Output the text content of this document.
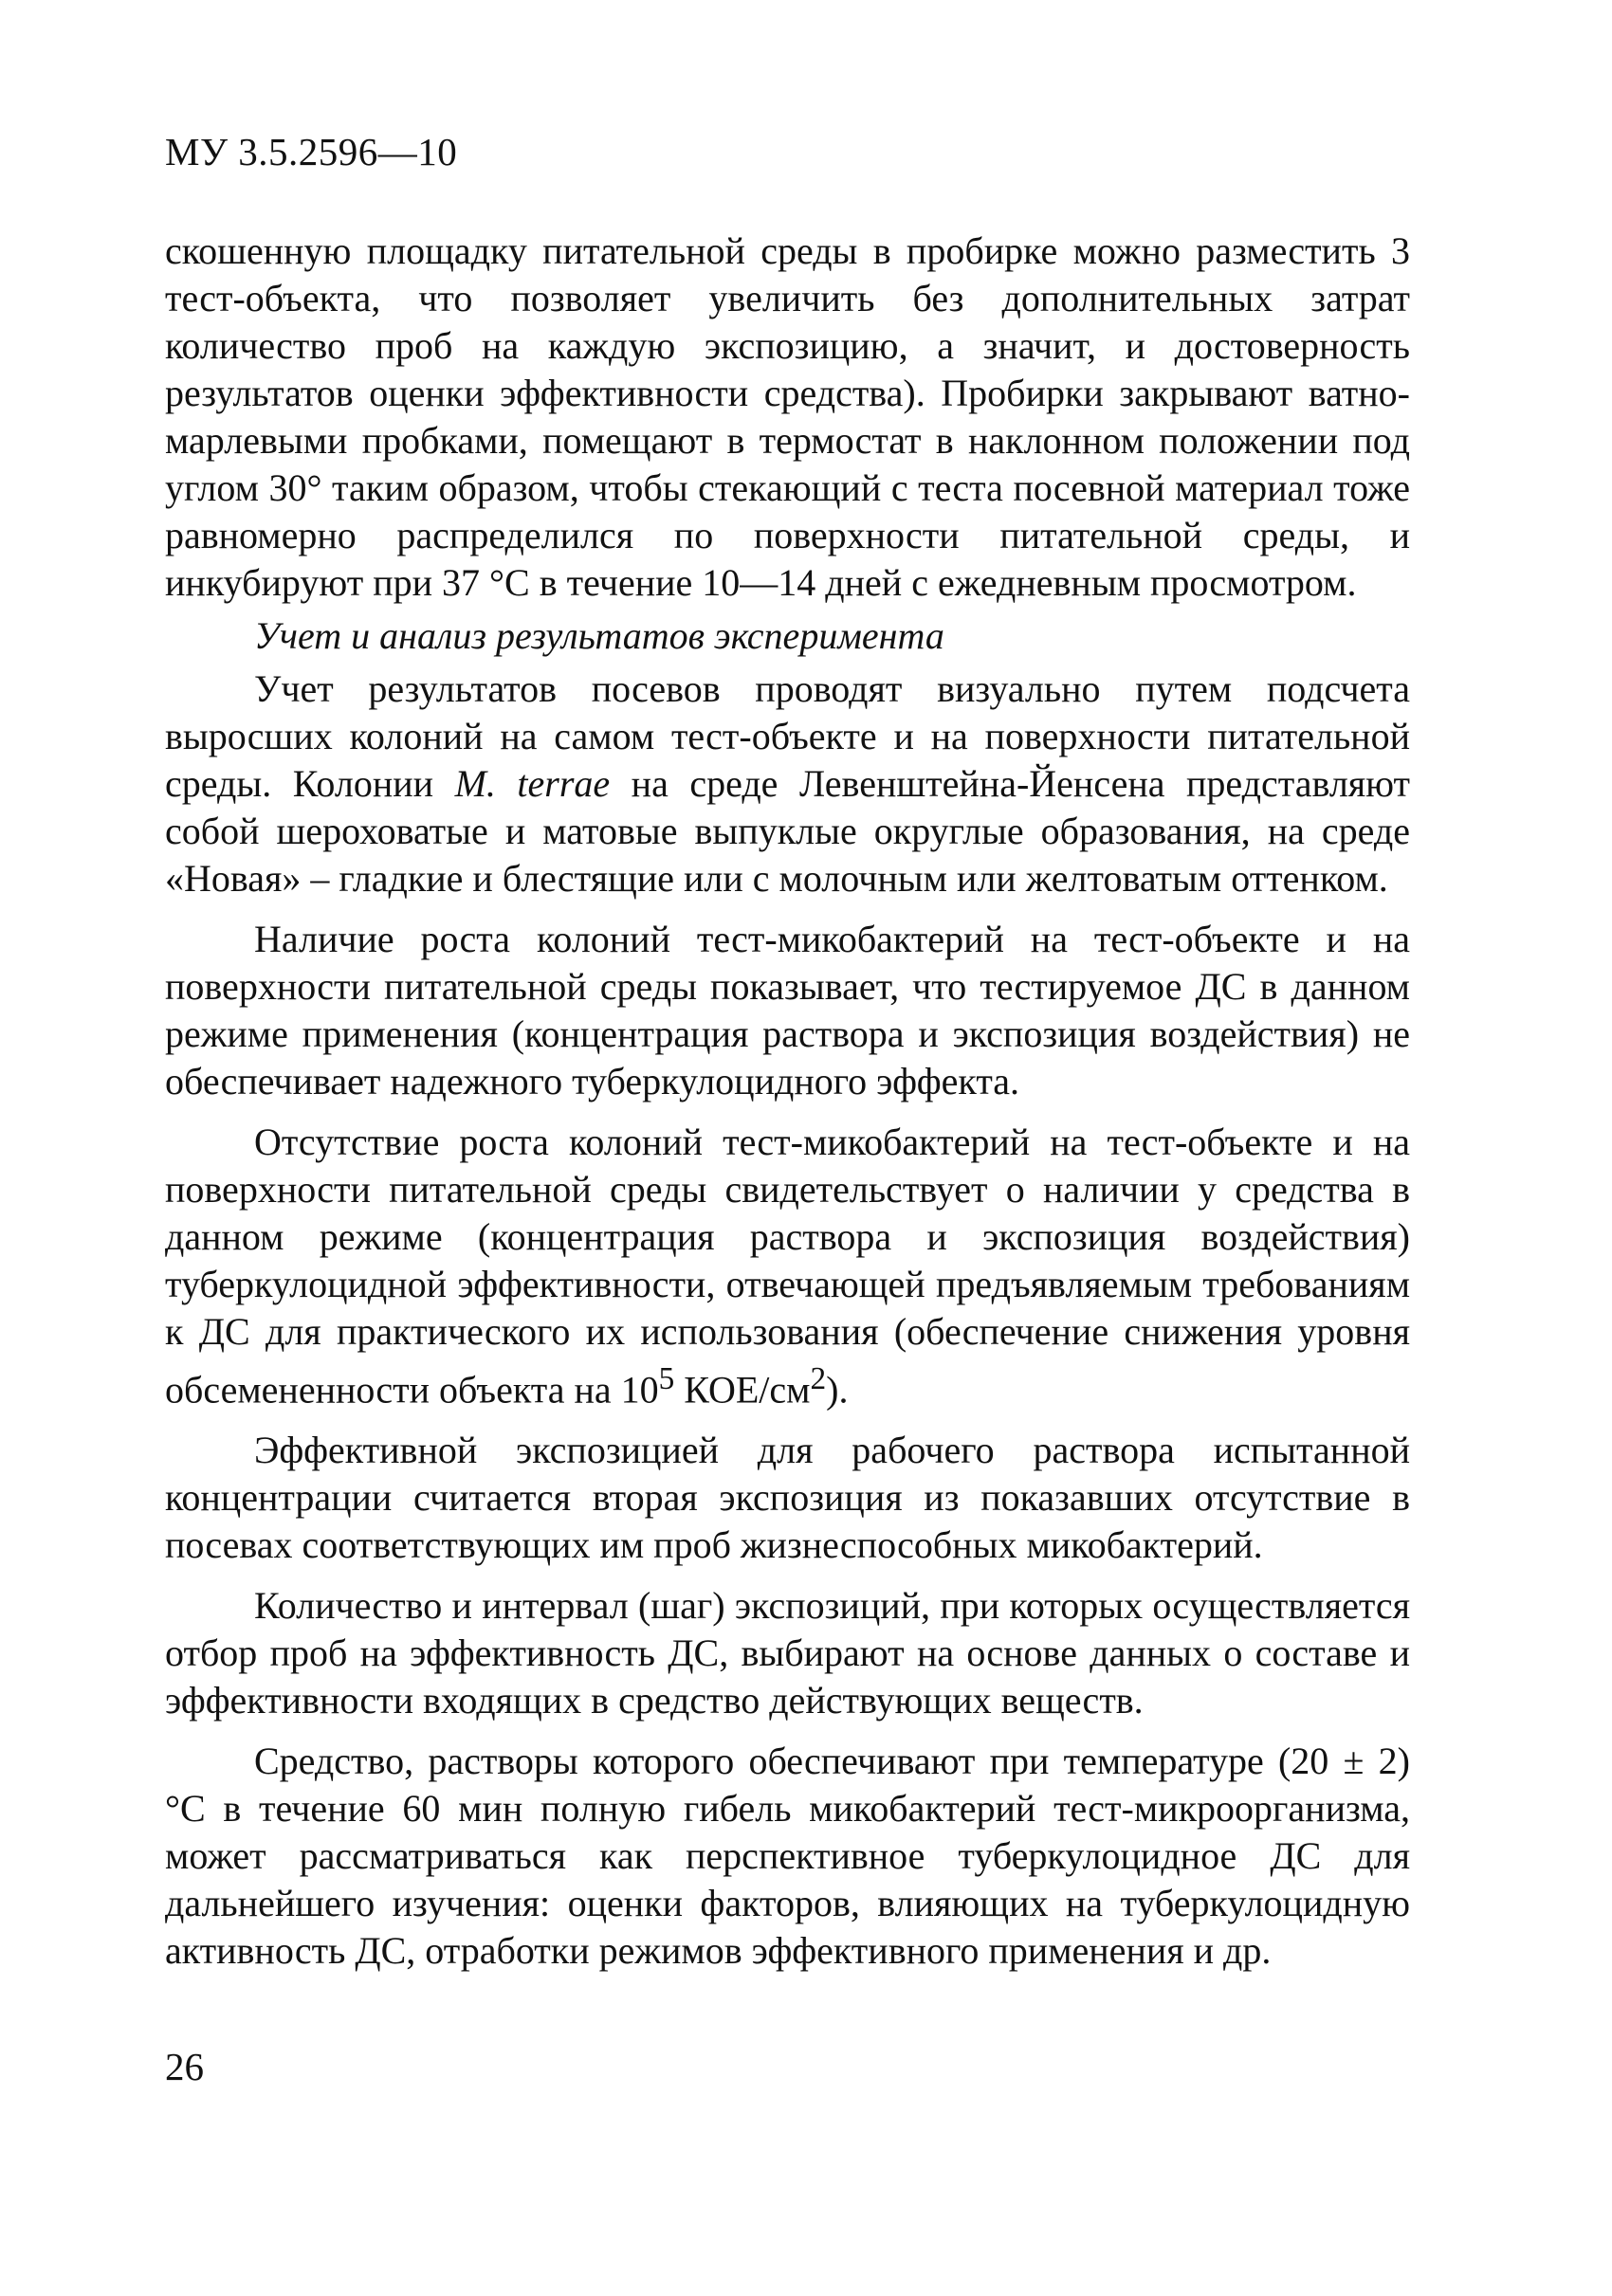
МУ 3.5.2596—10

скошенную площадку питательной среды в пробирке можно разместить 3 тест-объекта, что позволяет увеличить без дополнительных затрат количество проб на каждую экспозицию, а значит, и достоверность результатов оценки эффективности средства). Пробирки закрывают ватно-марлевыми пробками, помещают в термостат в наклонном положении под углом 30° таким образом, чтобы стекающий с теста посевной материал тоже равномерно распределился по поверхности питательной среды, и инкубируют при 37 °С в течение 10—14 дней с ежедневным просмотром.

Учет и анализ результатов эксперимента

Учет результатов посевов проводят визуально путем подсчета выросших колоний на самом тест-объекте и на поверхности питательной среды. Колонии M. terrae на среде Левенштейна-Йенсена представляют собой шероховатые и матовые выпуклые округлые образования, на среде «Новая» – гладкие и блестящие или с молочным или желтоватым оттенком.

Наличие роста колоний тест-микобактерий на тест-объекте и на поверхности питательной среды показывает, что тестируемое ДС в данном режиме применения (концентрация раствора и экспозиция воздействия) не обеспечивает надежного туберкулоцидного эффекта.

Отсутствие роста колоний тест-микобактерий на тест-объекте и на поверхности питательной среды свидетельствует о наличии у средства в данном режиме (концентрация раствора и экспозиция воздействия) туберкулоцидной эффективности, отвечающей предъявляемым требованиям к ДС для практического их использования (обеспечение снижения уровня обсемененности объекта на $10^5$ КОЕ/$см^2$).

Эффективной экспозицией для рабочего раствора испытанной концентрации считается вторая экспозиция из показавших отсутствие в посевах соответствующих им проб жизнеспособных микобактерий.

Количество и интервал (шаг) экспозиций, при которых осуществляется отбор проб на эффективность ДС, выбирают на основе данных о составе и эффективности входящих в средство действующих веществ.

Средство, растворы которого обеспечивают при температуре (20 ± 2) °С в течение 60 мин полную гибель микобактерий тест-микроорганизма, может рассматриваться как перспективное туберкулоцидное ДС для дальнейшего изучения: оценки факторов, влияющих на туберкулоцидную активность ДС, отработки режимов эффективного применения и др.

26
